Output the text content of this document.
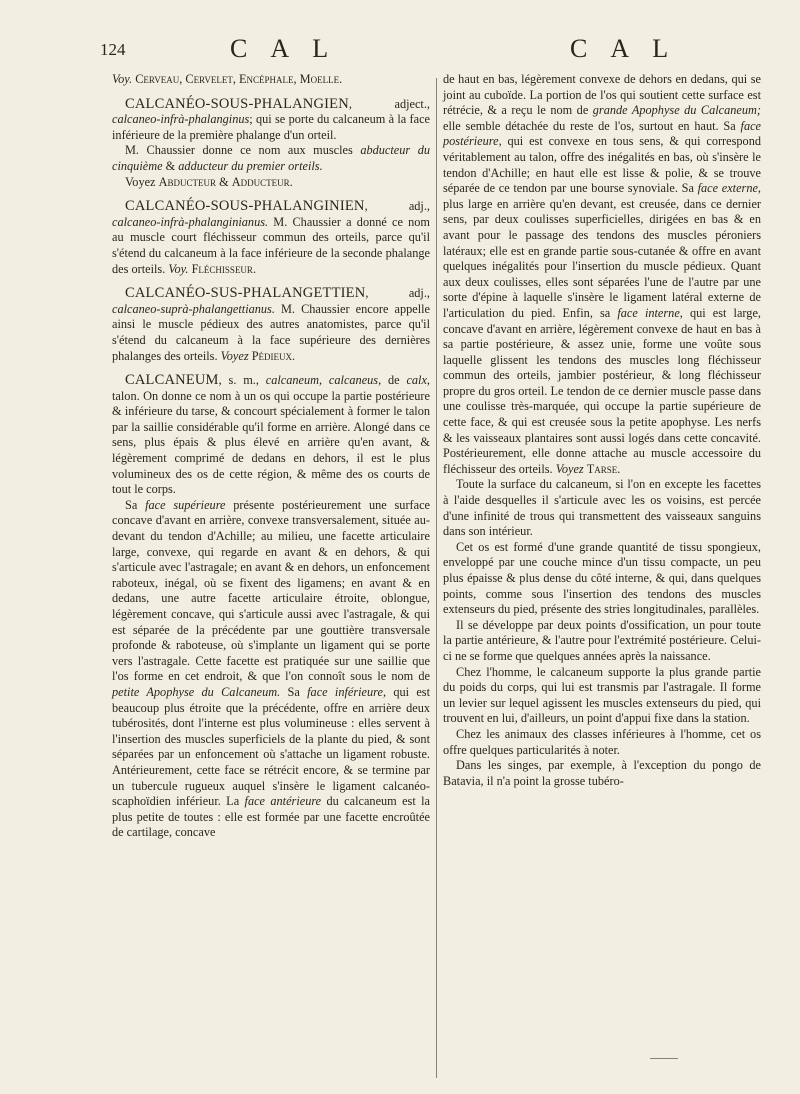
124	C A L	C A L

Voy. Cerveau, Cervelet, Encéphale, Moelle.

CALCANÉO-SOUS-PHALANGIEN, adject., calcaneo-infrà-phalanginus; qui se porte du calcaneum à la face inférieure de la première phalange d'un orteil.

M. Chaussier donne ce nom aux muscles abducteur du cinquième & adducteur du premier orteils.

Voyez Abducteur & Adducteur.

CALCANÉO-SOUS-PHALANGINIEN, adj., calcaneo-infrà-phalanginianus. M. Chaussier a donné ce nom au muscle court fléchisseur commun des orteils, parce qu'il s'étend du calcaneum à la face inférieure de la seconde phalange des orteils. Voy. Fléchisseur.

CALCANÉO-SUS-PHALANGETTIEN, adj., calcaneo-suprà-phalangettianus. M. Chaussier encore appelle ainsi le muscle pédieux des autres anatomistes, parce qu'il s'étend du calcaneum à la face supérieure des dernières phalanges des orteils. Voyez Pédieux.

CALCANEUM, s. m., calcaneum, calcaneus, de calx, talon. On donne ce nom à un os qui occupe la partie postérieure & inférieure du tarse, & concourt spécialement à former le talon par la saillie considérable qu'il forme en arrière. Alongé dans ce sens, plus épais & plus élevé en arrière qu'en avant, & légèrement comprimé de dedans en dehors, il est le plus volumineux des os de cette région, & même des os courts de tout le corps.

Sa face supérieure présente postérieurement une surface concave d'avant en arrière, convexe transversalement, située au-devant du tendon d'Achille; au milieu, une facette articulaire large, convexe, qui regarde en avant & en dehors, & qui s'articule avec l'astragale; en avant & en dehors, un enfoncement raboteux, inégal, où se fixent des ligamens; en avant & en dedans, une autre facette articulaire étroite, oblongue, légèrement concave, qui s'articule aussi avec l'astragale, & qui est séparée de la précédente par une gouttière transversale profonde & raboteuse, où s'implante un ligament qui se porte vers l'astragale. Cette facette est pratiquée sur une saillie que l'os forme en cet endroit, & que l'on connoît sous le nom de petite Apophyse du Calcaneum. Sa face inférieure, qui est beaucoup plus étroite que la précédente, offre en arrière deux tubérosités, dont l'interne est plus volumineuse : elles servent à l'insertion des muscles superficiels de la plante du pied, & sont séparées par un enfoncement où s'attache un ligament robuste. Antérieurement, cette face se rétrécit encore, & se termine par un tubercule rugueux auquel s'insère le ligament calcanéo-scaphoïdien inférieur. La face antérieure du calcaneum est la plus petite de toutes : elle est formée par une facette encroûtée de cartilage, concave

de haut en bas, légèrement convexe de dehors en dedans, qui se joint au cuboïde. La portion de l'os qui soutient cette surface est rétrécie, & a reçu le nom de grande Apophyse du Calcaneum; elle semble détachée du reste de l'os, surtout en haut. Sa face postérieure, qui est convexe en tous sens, & qui correspond véritablement au talon, offre des inégalités en bas, où s'insère le tendon d'Achille; en haut elle est lisse & polie, & se trouve séparée de ce tendon par une bourse synoviale. Sa face externe, plus large en arrière qu'en devant, est creusée, dans ce dernier sens, par deux coulisses superficielles, dirigées en bas & en avant pour le passage des tendons des muscles péroniers latéraux; elle est en grande partie sous-cutanée & offre en avant quelques inégalités pour l'insertion du muscle pédieux. Quant aux deux coulisses, elles sont séparées l'une de l'autre par une sorte d'épine à laquelle s'insère le ligament latéral externe de l'articulation du pied. Enfin, sa face interne, qui est large, concave d'avant en arrière, légèrement convexe de haut en bas à sa partie postérieure, & assez unie, forme une voûte sous laquelle glissent les tendons des muscles long fléchisseur commun des orteils, jambier postérieur, & long fléchisseur propre du gros orteil. Le tendon de ce dernier muscle passe dans une coulisse très-marquée, qui occupe la partie supérieure de cette face, & qui est creusée sous la petite apophyse. Les nerfs & les vaisseaux plantaires sont aussi logés dans cette concavité. Postérieurement, elle donne attache au muscle accessoire du fléchisseur des orteils. Voyez Tarse.

Toute la surface du calcaneum, si l'on en excepte les facettes à l'aide desquelles il s'articule avec les os voisins, est percée d'une infinité de trous qui transmettent des vaisseaux sanguins dans son intérieur.

Cet os est formé d'une grande quantité de tissu spongieux, enveloppé par une couche mince d'un tissu compacte, un peu plus épaisse & plus dense du côté interne, & qui, dans quelques points, comme sous l'insertion des tendons des muscles extenseurs du pied, présente des stries longitudinales, parallèles.

Il se développe par deux points d'ossification, un pour toute la partie antérieure, & l'autre pour l'extrémité postérieure. Celui-ci ne se forme que quelques années après la naissance.

Chez l'homme, le calcaneum supporte la plus grande partie du poids du corps, qui lui est transmis par l'astragale. Il forme un levier sur lequel agissent les muscles extenseurs du pied, qui trouvent en lui, d'ailleurs, un point d'appui fixe dans la station.

Chez les animaux des classes inférieures à l'homme, cet os offre quelques particularités à noter.

Dans les singes, par exemple, à l'exception du pongo de Batavia, il n'a point la grosse tubéro-
